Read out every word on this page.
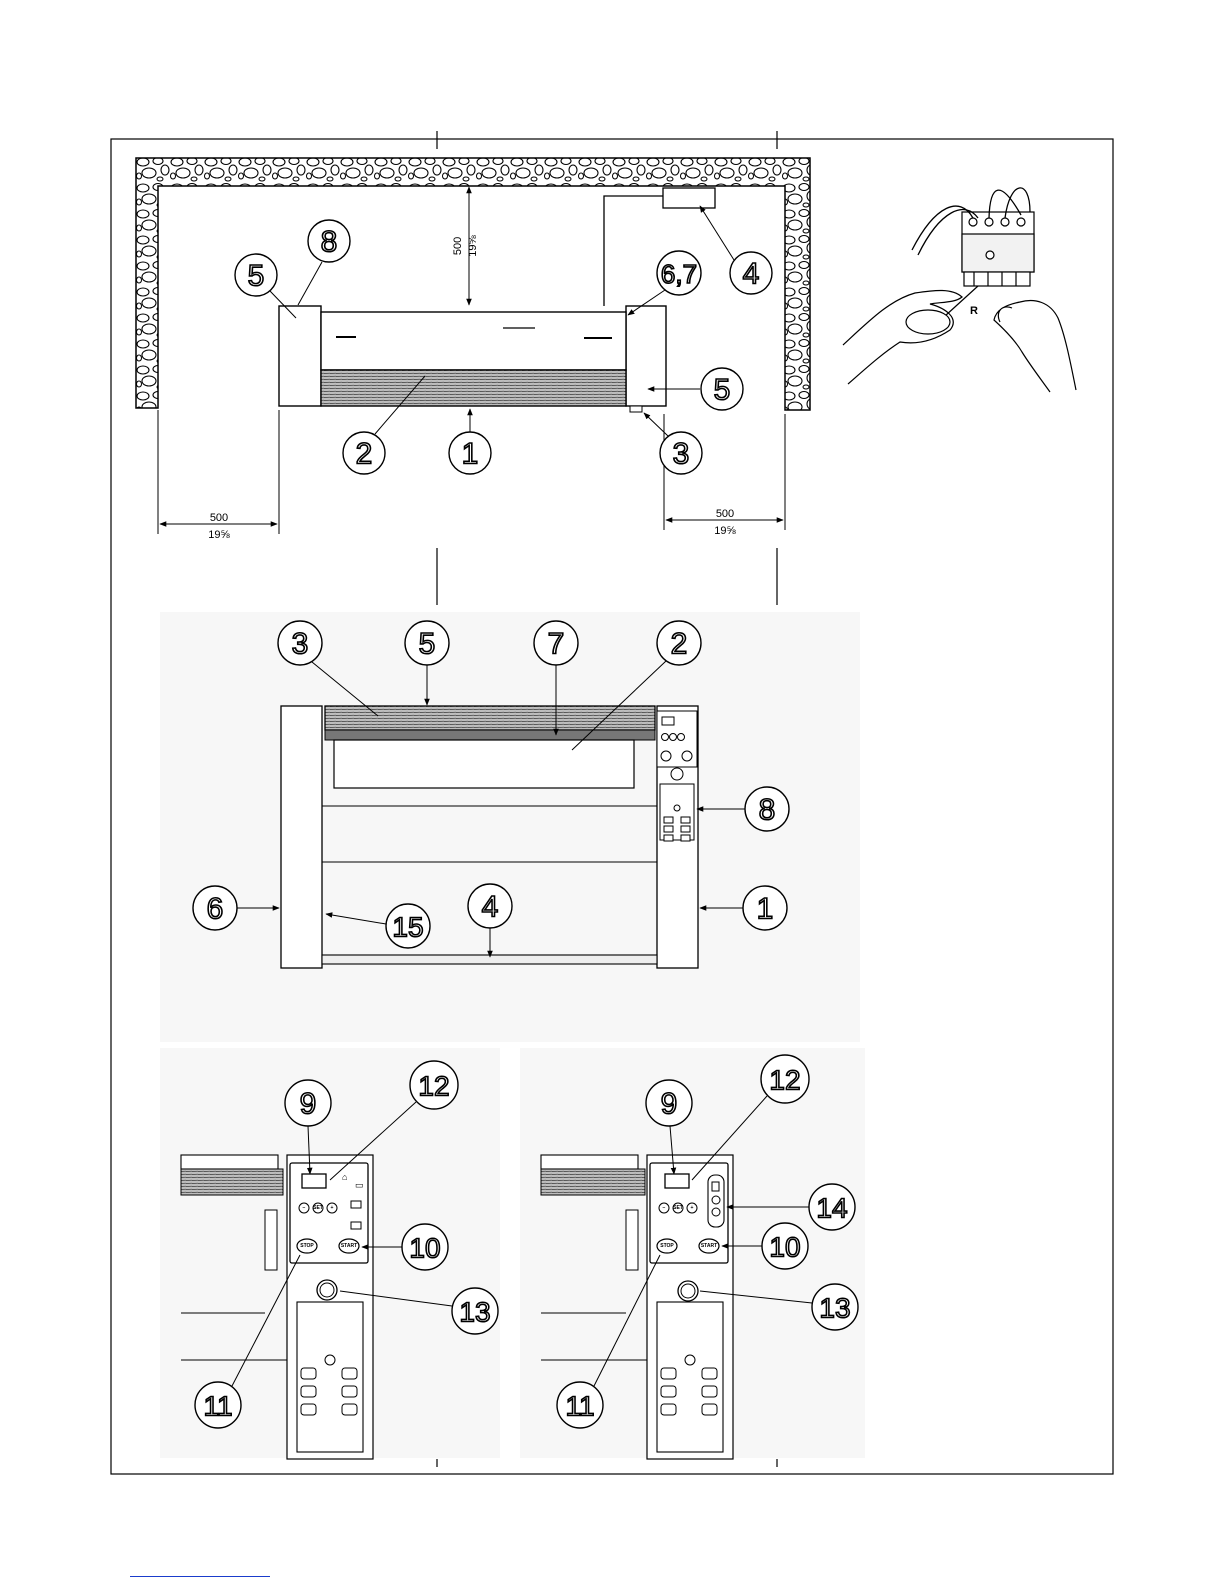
500 19⅝
500
19⅝
500
19⅝
8
5	6,7 4
5
2	1	3
R
3	5	7	2
8
6
15
4	1
⌂
▭
− SET +
STOP	START
9
12
10
13
11
− SET +
STOP	START
9
12
14
10
13
11
